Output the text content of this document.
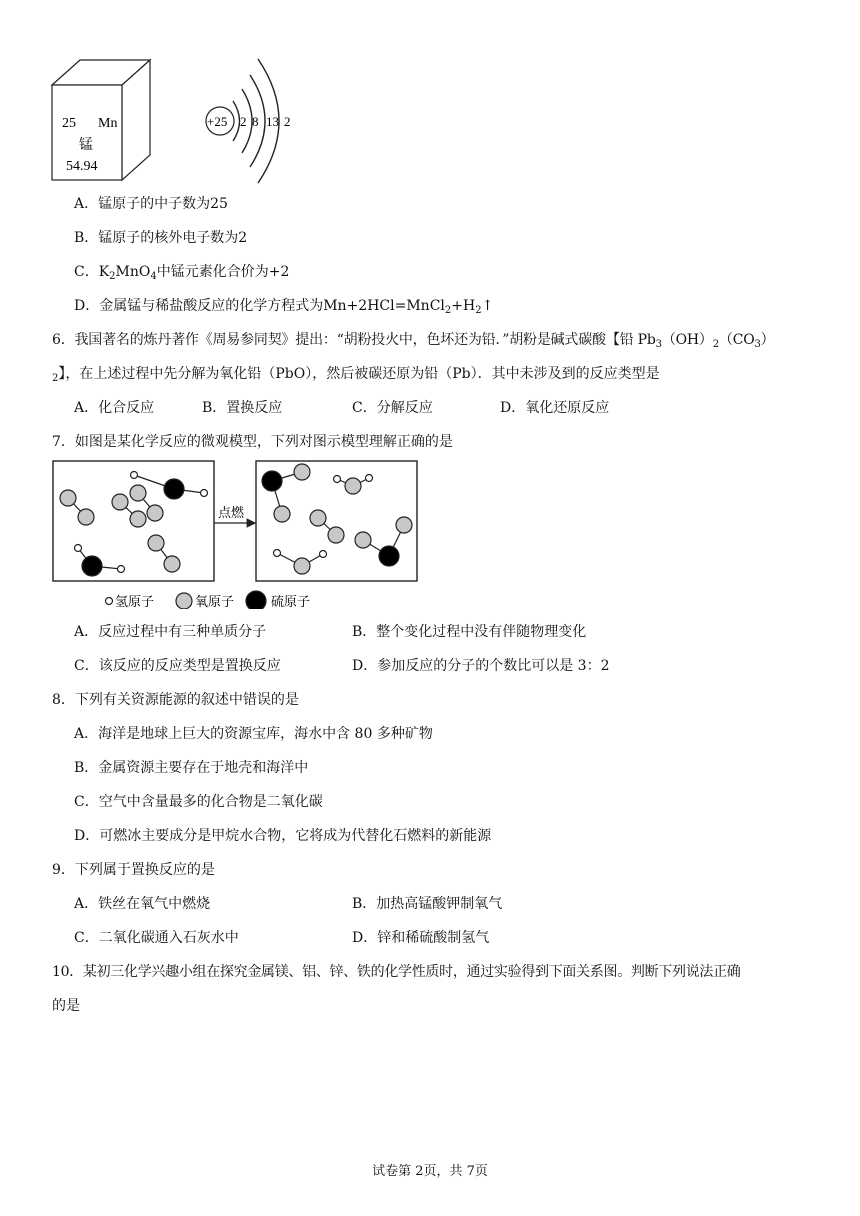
25 Mn
锰
54.94
+25 2 8 13 2
A．锰原子的中子数为25
B．锰原子的核外电子数为2
C．$K_2MnO_4$中锰元素化合价为+2
D．金属锰与稀盐酸反应的化学方程式为$Mn+2HCl=MnCl_2+H_2↑$
6．我国著名的炼丹著作《周易参同契》提出：“胡粉投火中，色坏还为铅．”胡粉是碱式碳酸【铅 $Pb_3(OH)_2(CO_3)$
$_2$】，在上述过程中先分解为氧化铅（PbO），然后被碳还原为铅（Pb）．其中未涉及到的反应类型是
A．化合反应	B．置换反应	C．分解反应	D．氧化还原反应
7．如图是某化学反应的微观模型，下列对图示模型理解正确的是
点燃
氢原子	氧原子	硫原子
A．反应过程中有三种单质分子	B．整个变化过程中没有伴随物理变化
C．该反应的反应类型是置换反应	D．参加反应的分子的个数比可以是 3：2
8．下列有关资源能源的叙述中错误的是
A．海洋是地球上巨大的资源宝库，海水中含 80 多种矿物
B．金属资源主要存在于地壳和海洋中
C．空气中含量最多的化合物是二氧化碳
D．可燃冰主要成分是甲烷水合物，它将成为代替化石燃料的新能源
9．下列属于置换反应的是
A．铁丝在氧气中燃烧	B．加热高锰酸钾制氧气
C．二氧化碳通入石灰水中	D．锌和稀硫酸制氢气
10．某初三化学兴趣小组在探究金属镁、铝、锌、铁的化学性质时，通过实验得到下面关系图。判断下列说法正确
的是
试卷第 2页，共 7页
